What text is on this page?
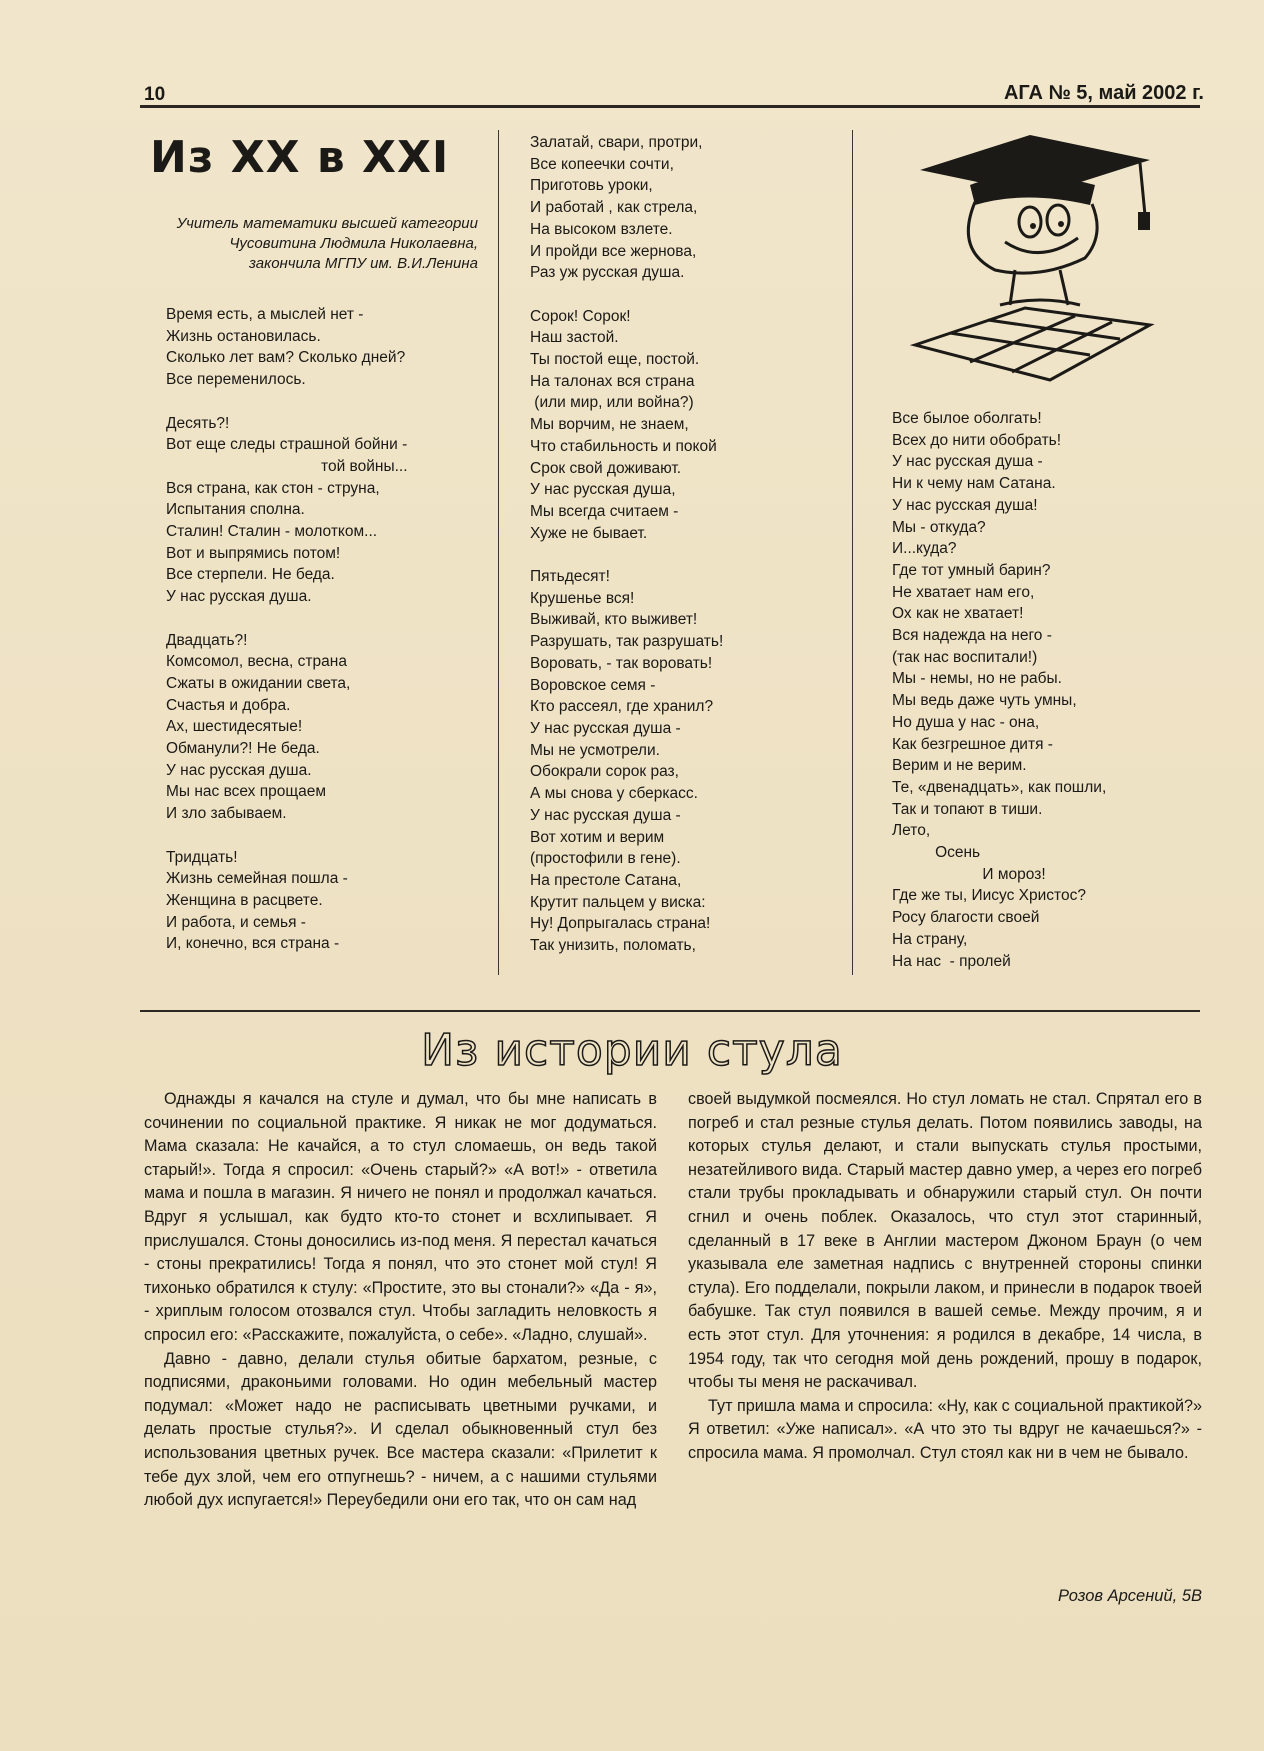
10	АГА № 5, май 2002 г.
Из XX в XXI
Учитель математики высшей категории
Чусовитина Людмила Николаевна,
закончила МГПУ им. В.И.Ленина
Время есть, а мыслей нет -
Жизнь остановилась.
Сколько лет вам? Сколько дней?
Все переменилось.

Десять?!
Вот еще следы страшной бойни -
той войны...
Вся страна, как стон - струна,
Испытания сполна.
Сталин! Сталин - молотком...
Вот и выпрямись потом!
Все стерпели. Не беда.
У нас русская душа.

Двадцать?!
Комсомол, весна, страна
Сжаты в ожидании света,
Счастья и добра.
Ах, шестидесятые!
Обманули?! Не беда.
У нас русская душа.
Мы нас всех прощаем
И зло забываем.

Тридцать!
Жизнь семейная пошла -
Женщина в расцвете.
И работа, и семья -
И, конечно, вся страна -
Залатай, свари, протри,
Все копеечки сочти,
Приготовь уроки,
И работай , как стрела,
На высоком взлете.
И пройди все жернова,
Раз уж русская душа.

Сорок! Сорок!
Наш застой.
Ты постой еще, постой.
На талонах вся страна
(или мир, или война?)
Мы ворчим, не знаем,
Что стабильность и покой
Срок свой доживают.
У нас русская душа,
Мы всегда считаем -
Хуже не бывает.

Пятьдесят!
Крушенье вся!
Выживай, кто выживет!
Разрушать, так разрушать!
Воровать, - так воровать!
Воровское семя -
Кто рассеял, где хранил?
У нас русская душа -
Мы не усмотрели.
Обокрали сорок раз,
А мы снова у сберкасс.
У нас русская душа -
Вот хотим и верим
(простофили в гене).
На престоле Сатана,
Крутит пальцем у виска:
Ну! Допрыгалась страна!
Так унизить, поломать,
Все былое оболгать!
Всех до нити обобрать!
У нас русская душа -
Ни к чему нам Сатана.
У нас русская душа!
Мы - откуда?
И...куда?
Где тот умный барин?
Не хватает нам его,
Ох как не хватает!
Вся надежда на него -
(так нас воспитали!)
Мы - немы, но не рабы.
Мы ведь даже чуть умны,
Но душа у нас - она,
Как безгрешное дитя -
Верим и не верим.
Те, «двенадцать», как пошли,
Так и топают в тиши.
Лето,
Осень
И мороз!
Где же ты, Иисус Христос?
Росу благости своей
На страну,
На нас  - пролей
Из истории стула

Однажды я качался на стуле и думал, что бы мне написать в сочинении по социальной практике. Я никак не мог додуматься. Мама сказала: Не качайся, а то стул сломаешь, он ведь такой старый!». Тогда я спросил: «Очень старый?» «А вот!» - ответила мама и пошла в магазин. Я ничего не понял и продолжал качаться. Вдруг я услышал, как будто кто-то стонет и всхлипывает. Я прислушался. Стоны доносились из-под меня. Я перестал качаться - стоны прекратились! Тогда я понял, что это стонет мой стул! Я тихонько обратился к стулу: «Простите, это вы стонали?» «Да - я», - хриплым голосом отозвался стул. Чтобы загладить неловкость я спросил его: «Расскажите, пожалуйста, о себе». «Ладно, слушай».

Давно - давно, делали стулья обитые бархатом, резные, с подписями, драконьими головами. Но один мебельный мастер подумал: «Может надо не расписывать цветными ручками, и делать простые стулья?». И сделал обыкновенный стул без использования цветных ручек. Все мастера сказали: «Прилетит к тебе дух злой, чем его отпугнешь? - ничем, а с нашими стульями любой дух испугается!» Переубедили они его так, что он сам над

своей выдумкой посмеялся. Но стул ломать не стал. Спрятал его в погреб и стал резные стулья делать. Потом появились заводы, на которых стулья делают, и стали выпускать стулья простыми, незатейливого вида. Старый мастер давно умер, а через его погреб стали трубы прокладывать и обнаружили старый стул. Он почти сгнил и очень поблек. Оказалось, что стул этот старинный, сделанный в 17 веке в Англии мастером Джоном Браун (о чем указывала еле заметная надпись с внутренней стороны спинки стула). Его подделали, покрыли лаком, и принесли в подарок твоей бабушке. Так стул появился в вашей семье. Между прочим, я и есть этот стул. Для уточнения: я родился в декабре, 14 числа, в 1954 году, так что сегодня мой день рождений, прошу в подарок, чтобы ты меня не раскачивал.

Тут пришла мама и спросила: «Ну, как с социальной практикой?» Я ответил: «Уже написал». «А что это ты вдруг не качаешься?» - спросила мама. Я промолчал. Стул стоял как ни в чем не бывало.

Розов Арсений, 5В
